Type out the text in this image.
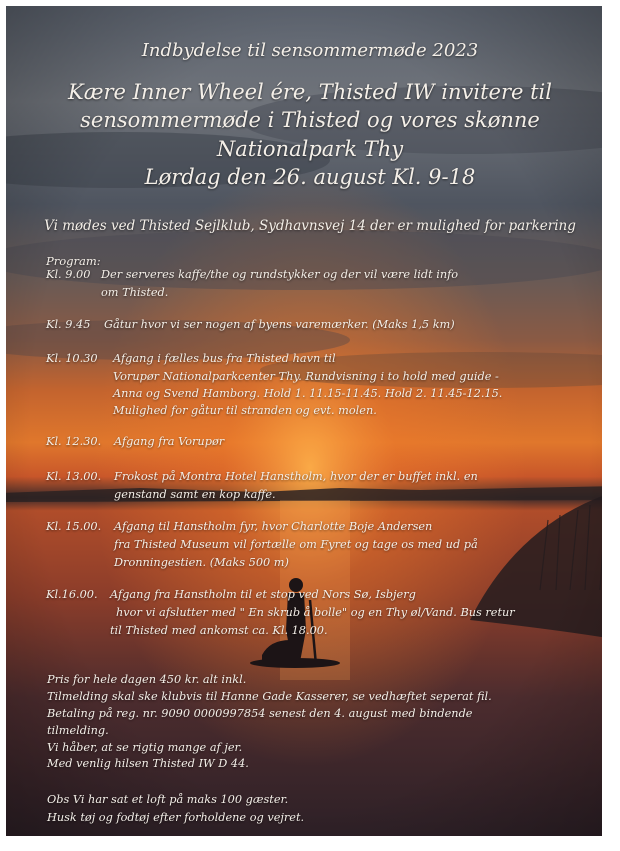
Indbydelse til sensommermøde 2023
Kære Inner Wheel ére, Thisted IW invitere til
sensommermøde i Thisted og vores skønne
Nationalpark Thy
Lørdag den 26. august Kl. 9-18
Vi mødes ved Thisted Sejlklub, Sydhavnsvej 14 der er mulighed for parkering
Program:
Kl. 9.00 Der serveres kaffe/the og rundstykker og der vil være lidt info
om Thisted.
Kl. 9.45 Gåtur hvor vi ser nogen af byens varemærker. (Maks 1,5 km)
Kl. 10.30 Afgang i fælles bus fra Thisted havn til
Vorupør Nationalparkcenter Thy. Rundvisning i to hold med guide -
Anna og Svend Hamborg. Hold 1. 11.15-11.45. Hold 2. 11.45-12.15.
Mulighed for gåtur til stranden og evt. molen.
Kl. 12.30. Afgang fra Vorupør
Kl. 13.00. Frokost på Montra Hotel Hanstholm, hvor der er buffet inkl. en
genstand samt en kop kaffe.
Kl. 15.00. Afgang til Hanstholm fyr, hvor Charlotte Boje Andersen
fra Thisted Museum vil fortælle om Fyret og tage os med ud på
Dronningestien. (Maks 500 m)
Kl.16.00. Afgang fra Hanstholm til et stop ved Nors Sø, Isbjerg
hvor vi afslutter med " En skrub å bolle" og en Thy øl/Vand. Bus retur
til Thisted med ankomst ca. Kl. 18.00.
Pris for hele dagen 450 kr. alt inkl.
Tilmelding skal ske klubvis til Hanne Gade Kasserer, se vedhæftet seperat fil.
Betaling på reg. nr. 9090 0000997854 senest den 4. august med bindende
tilmelding.
Vi håber, at se rigtig mange af jer.
Med venlig hilsen Thisted IW D 44.
Obs Vi har sat et loft på maks 100 gæster.
Husk tøj og fodtøj efter forholdene og vejret.
